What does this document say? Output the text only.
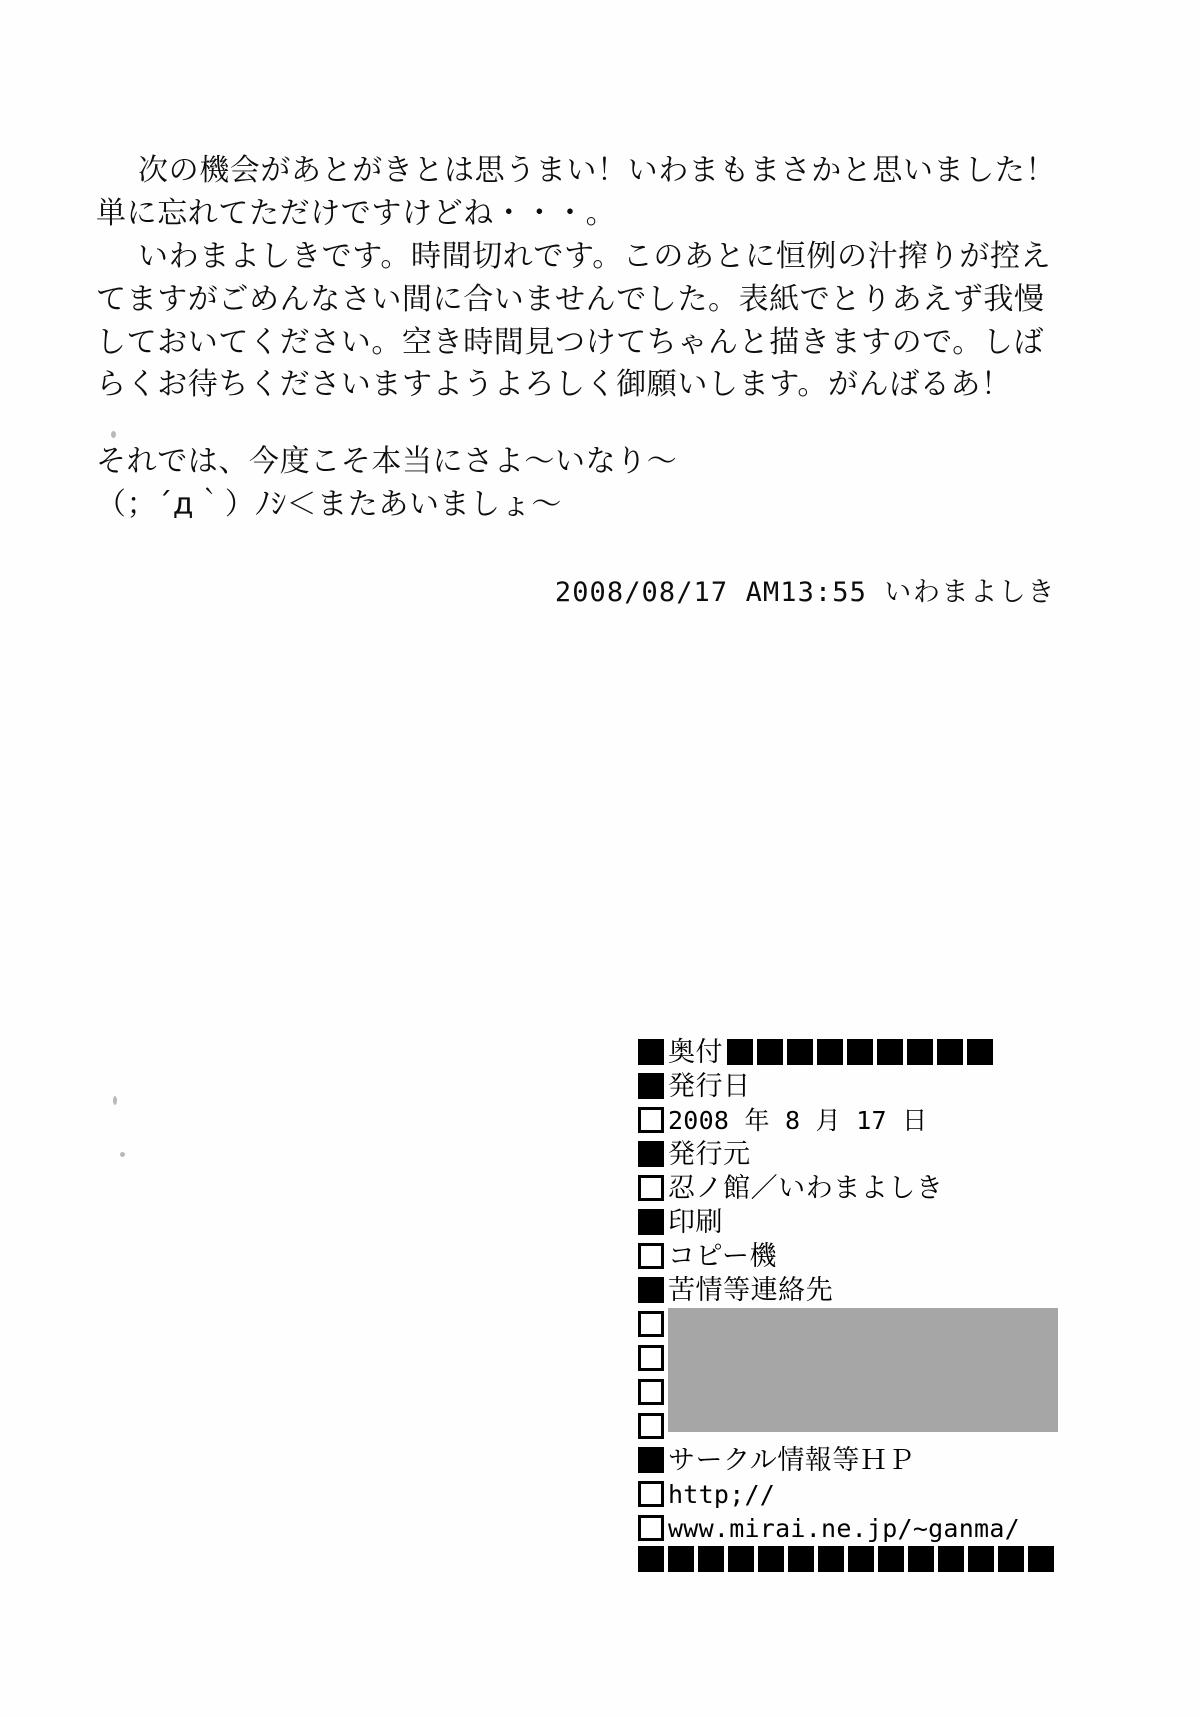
次の機会があとがきとは思うまい！いわまもまさかと思いました！単に忘れてただけですけどね・・・。

いわまよしきです。時間切れです。このあとに恒例の汁搾りが控えてますがごめんなさい間に合いませんでした。表紙でとりあえず我慢しておいてください。空き時間見つけてちゃんと描きますので。しばらくお待ちくださいますようよろしく御願いします。がんばるあ！

それでは、今度こそ本当にさよ～いなり～

（；´д｀）ﾉｼ＜またあいましょ～

2008/08/17 AM13:55 いわまよしき
奥付
発行日
2008 年 8 月 17 日
発行元
忍ノ館／いわまよしき
印刷
コピー機
苦情等連絡先
サークル情報等ＨＰ
http;//
www.mirai.ne.jp/~ganma/
